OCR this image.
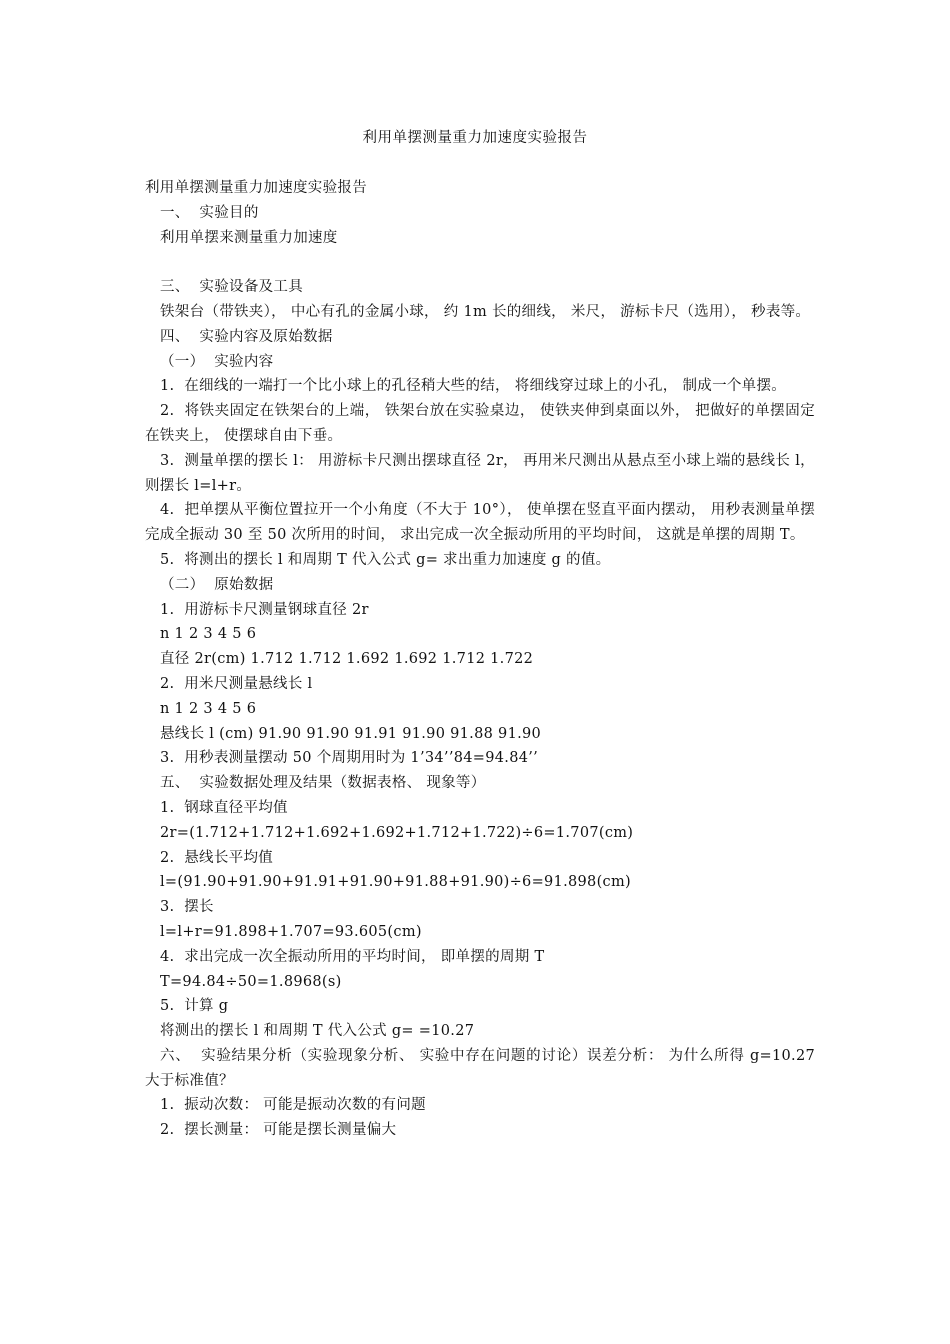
利用单摆测量重力加速度实验报告

利用单摆测量重力加速度实验报告

一、  实验目的

利用单摆来测量重力加速度

三、  实验设备及工具

铁架台（带铁夹）， 中心有孔的金属小球， 约 1m 长的细线， 米尺， 游标卡尺（选用）， 秒表等。

四、  实验内容及原始数据

（一）  实验内容

1.  在细线的一端打一个比小球上的孔径稍大些的结， 将细线穿过球上的小孔， 制成一个单摆。

2.  将铁夹固定在铁架台的上端， 铁架台放在实验桌边， 使铁夹伸到桌面以外， 把做好的单摆固定在铁夹上， 使摆球自由下垂。

3.  测量单摆的摆长 l： 用游标卡尺测出摆球直径 2r， 再用米尺测出从悬点至小球上端的悬线长 l， 则摆长 l=l+r。

4.  把单摆从平衡位置拉开一个小角度（不大于 10°）， 使单摆在竖直平面内摆动， 用秒表测量单摆完成全振动 30 至 50 次所用的时间， 求出完成一次全振动所用的平均时间， 这就是单摆的周期 T。

5.  将测出的摆长 l 和周期 T 代入公式 g= 求出重力加速度 g 的值。

（二）  原始数据

1.  用游标卡尺测量钢球直径 2r

n 1 2 3 4 5 6

直径 2r(cm) 1.712 1.712 1.692 1.692 1.712 1.722

2.  用米尺测量悬线长 l

n 1 2 3 4 5 6

悬线长 l (cm) 91.90 91.90 91.91 91.90 91.88 91.90

3.  用秒表测量摆动 50 个周期用时为 1’34’’84=94.84’’

五、  实验数据处理及结果（数据表格、 现象等）

1.  钢球直径平均值

2r=(1.712+1.712+1.692+1.692+1.712+1.722)÷6=1.707(cm)

2.  悬线长平均值

l=(91.90+91.90+91.91+91.90+91.88+91.90)÷6=91.898(cm)

3.  摆长

l=l+r=91.898+1.707=93.605(cm)

4.  求出完成一次全振动所用的平均时间， 即单摆的周期 T

T=94.84÷50=1.8968(s)

5.  计算 g

将测出的摆长 l 和周期 T 代入公式 g= =10.27

六、  实验结果分析（实验现象分析、 实验中存在问题的讨论）误差分析： 为什么所得 g=10.27 大于标准值？

1.  振动次数： 可能是振动次数的有问题

2.  摆长测量： 可能是摆长测量偏大
